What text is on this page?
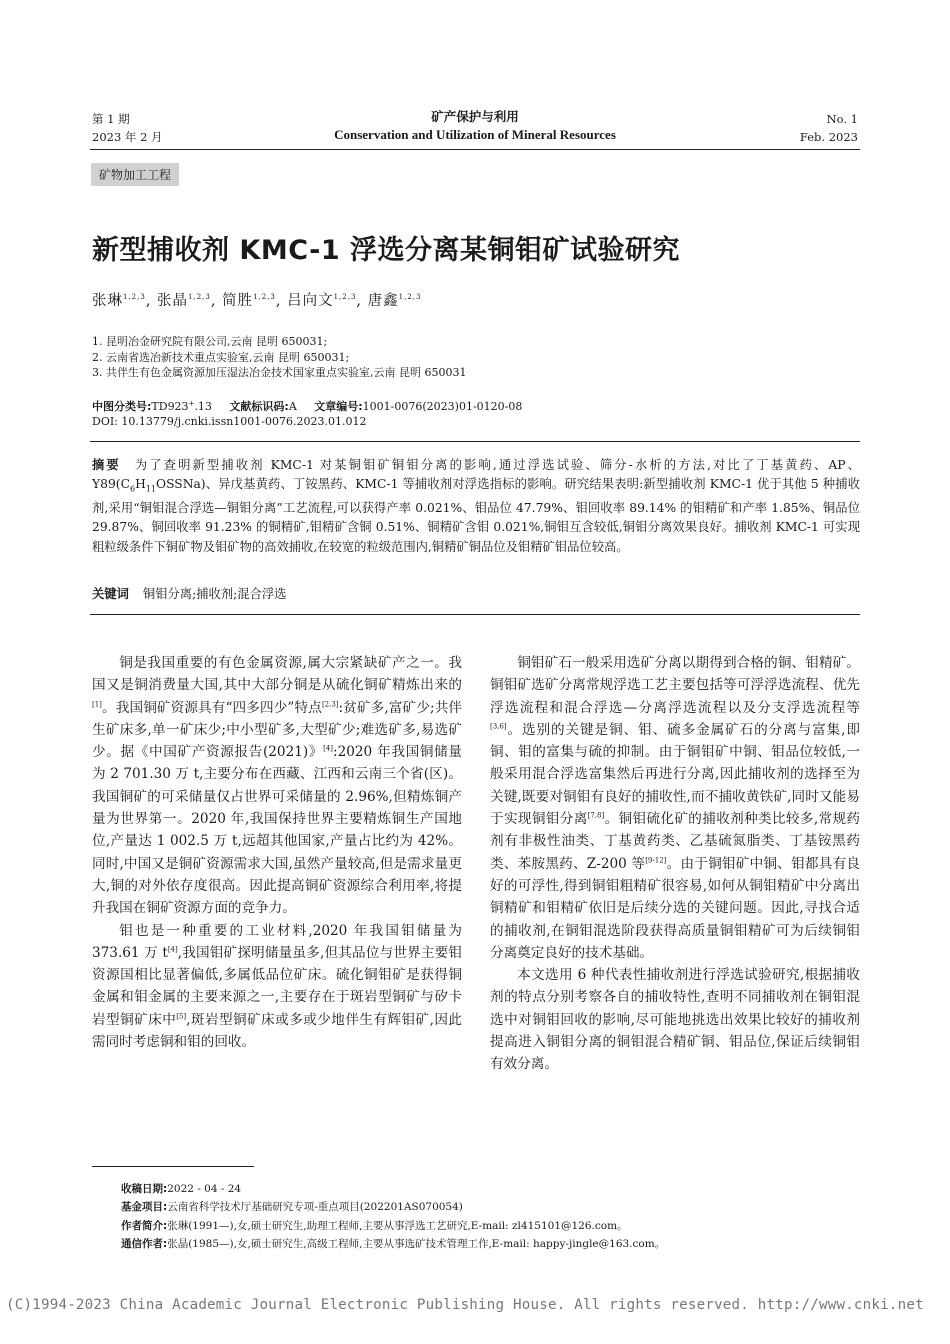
第 1 期
2023 年 2 月
矿产保护与利用
Conservation and Utilization of Mineral Resources
No. 1
Feb. 2023
矿物加工工程
新型捕收剂 KMC-1 浮选分离某铜钼矿试验研究
张琳$^{1,2,3}$, 张晶$^{1,2,3}$, 简胜$^{1,2,3}$, 吕向文$^{1,2,3}$, 唐鑫$^{1,2,3}$
1. 昆明冶金研究院有限公司,云南 昆明 650031;
2. 云南省选冶新技术重点实验室,云南 昆明 650031;
3. 共伴生有色金属资源加压湿法冶金技术国家重点实验室,云南 昆明 650031
中图分类号:TD923+.13 文献标识码:A 文章编号:1001-0076(2023)01-0120-08
DOI: 10.13779/j.cnki.issn1001-0076.2023.01.012
摘要 为了查明新型捕收剂 KMC-1 对某铜钼矿铜钼分离的影响,通过浮选试验、筛分-水析的方法,对比了丁基黄药、AP、$Y89(C_6H_{11}OSSNa)$、异戊基黄药、丁铵黑药、KMC-1 等捕收剂对浮选指标的影响。研究结果表明:新型捕收剂 KMC-1 优于其他 5 种捕收剂,采用“铜钼混合浮选—铜钼分离”工艺流程,可以获得产率 0.021%、钼品位 47.79%、钼回收率 89.14% 的钼精矿和产率 1.85%、铜品位 29.87%、铜回收率 91.23% 的铜精矿,钼精矿含铜 0.51%、铜精矿含钼 0.021%,铜钼互含较低,铜钼分离效果良好。捕收剂 KMC-1 可实现粗粒级条件下铜矿物及钼矿物的高效捕收,在较宽的粒级范围内,铜精矿铜品位及钼精矿钼品位较高。
关键词 铜钼分离;捕收剂;混合浮选

铜是我国重要的有色金属资源,属大宗紧缺矿产之一。我国又是铜消费量大国,其中大部分铜是从硫化铜矿精炼出来的[1]。我国铜矿资源具有“四多四少”特点[2,3]:贫矿多,富矿少;共伴生矿床多,单一矿床少;中小型矿多,大型矿少;难选矿多,易选矿少。据《中国矿产资源报告(2021)》[4]:2020 年我国铜储量为 2 701.30 万 t,主要分布在西藏、江西和云南三个省(区)。我国铜矿的可采储量仅占世界可采储量的 2.96%,但精炼铜产量为世界第一。2020 年,我国保持世界主要精炼铜生产国地位,产量达 1 002.5 万 t,远超其他国家,产量占比约为 42%。同时,中国又是铜矿资源需求大国,虽然产量较高,但是需求量更大,铜的对外依存度很高。因此提高铜矿资源综合利用率,将提升我国在铜矿资源方面的竞争力。

钼也是一种重要的工业材料,2020 年我国钼储量为 373.61 万 t[4],我国钼矿探明储量虽多,但其品位与世界主要钼资源国相比显著偏低,多属低品位矿床。硫化铜钼矿是获得铜金属和钼金属的主要来源之一,主要存在于斑岩型铜矿与矽卡岩型铜矿床中[5],斑岩型铜矿床或多或少地伴生有辉钼矿,因此需同时考虑铜和钼的回收。

铜钼矿石一般采用选矿分离以期得到合格的铜、钼精矿。铜钼矿选矿分离常规浮选工艺主要包括等可浮浮选流程、优先浮选流程和混合浮选—分离浮选流程以及分支浮选流程等[3,6]。选别的关键是铜、钼、硫多金属矿石的分离与富集,即铜、钼的富集与硫的抑制。由于铜钼矿中铜、钼品位较低,一般采用混合浮选富集然后再进行分离,因此捕收剂的选择至为关键,既要对铜钼有良好的捕收性,而不捕收黄铁矿,同时又能易于实现铜钼分离[7,8]。铜钼硫化矿的捕收剂种类比较多,常规药剂有非极性油类、丁基黄药类、乙基硫氮脂类、丁基铵黑药类、苯胺黑药、Z-200 等[9-12]。由于铜钼矿中铜、钼都具有良好的可浮性,得到铜钼粗精矿很容易,如何从铜钼精矿中分离出铜精矿和钼精矿依旧是后续分选的关键问题。因此,寻找合适的捕收剂,在铜钼混选阶段获得高质量铜钼精矿可为后续铜钼分离奠定良好的技术基础。

本文选用 6 种代表性捕收剂进行浮选试验研究,根据捕收剂的特点分别考察各自的捕收特性,查明不同捕收剂在铜钼混选中对铜钼回收的影响,尽可能地挑选出效果比较好的捕收剂提高进入铜钼分离的铜钼混合精矿铜、钼品位,保证后续铜钼有效分离。

收稿日期:2022 - 04 - 24
基金项目:云南省科学技术厅基础研究专项-重点项目(202201AS070054)
作者简介:张琳(1991—),女,硕士研究生,助理工程师,主要从事浮选工艺研究,E-mail: zl415101@126.com。
通信作者:张晶(1985—),女,硕士研究生,高级工程师,主要从事选矿技术管理工作,E-mail: happy-jingle@163.com。
(C)1994-2023 China Academic Journal Electronic Publishing House. All rights reserved. http://www.cnki.net
